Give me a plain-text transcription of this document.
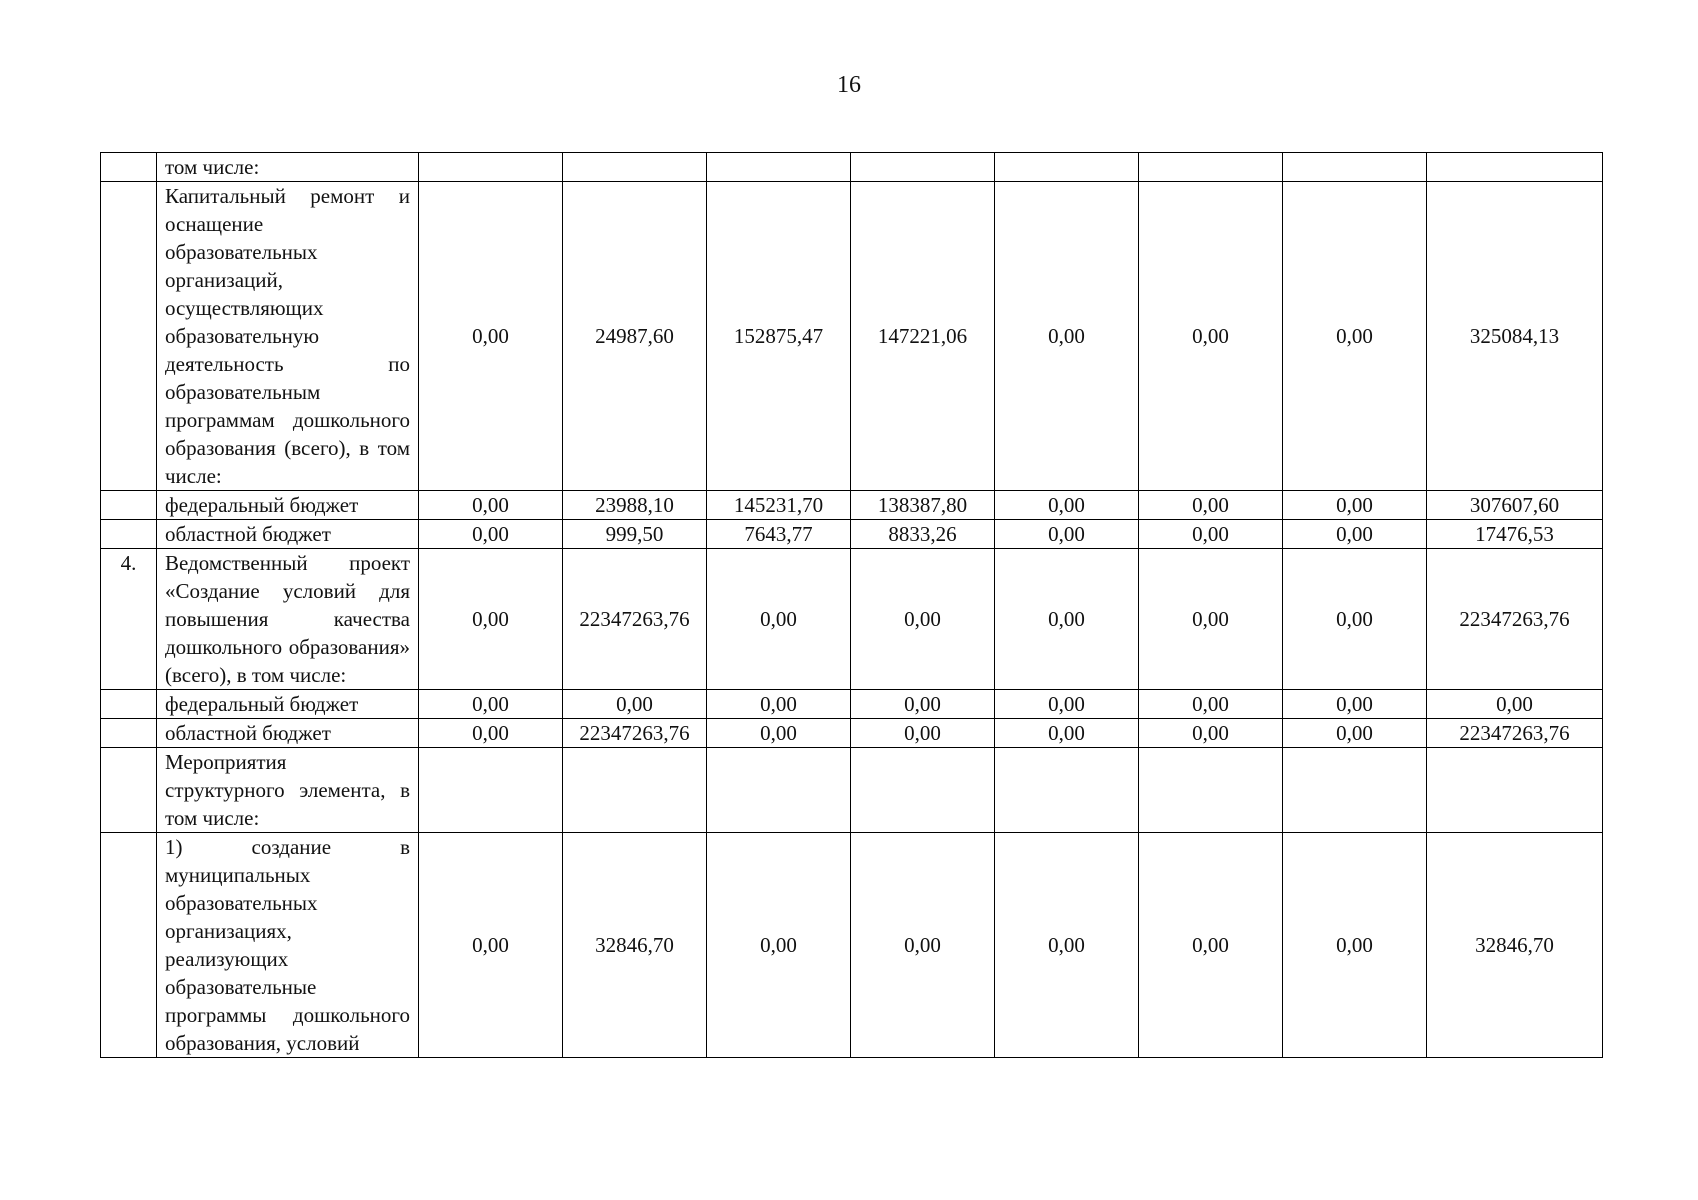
16
	том числе:								
	Капитальный ремонт и оснащение образовательных организаций, осуществляющих образовательную деятельность по образовательным программам дошкольного образования (всего), в том числе:	0,00	24987,60	152875,47	147221,06	0,00	0,00	0,00	325084,13
	федеральный бюджет	0,00	23988,10	145231,70	138387,80	0,00	0,00	0,00	307607,60
	областной бюджет	0,00	999,50	7643,77	8833,26	0,00	0,00	0,00	17476,53
4.	Ведомственный проект «Создание условий для повышения качества дошкольного образования» (всего), в том числе:	0,00	22347263,76	0,00	0,00	0,00	0,00	0,00	22347263,76
	федеральный бюджет	0,00	0,00	0,00	0,00	0,00	0,00	0,00	0,00
	областной бюджет	0,00	22347263,76	0,00	0,00	0,00	0,00	0,00	22347263,76
	Мероприятия структурного элемента, в том числе:								
	1) создание в муниципальных образовательных организациях, реализующих образовательные программы дошкольного образования, условий	0,00	32846,70	0,00	0,00	0,00	0,00	0,00	32846,70
